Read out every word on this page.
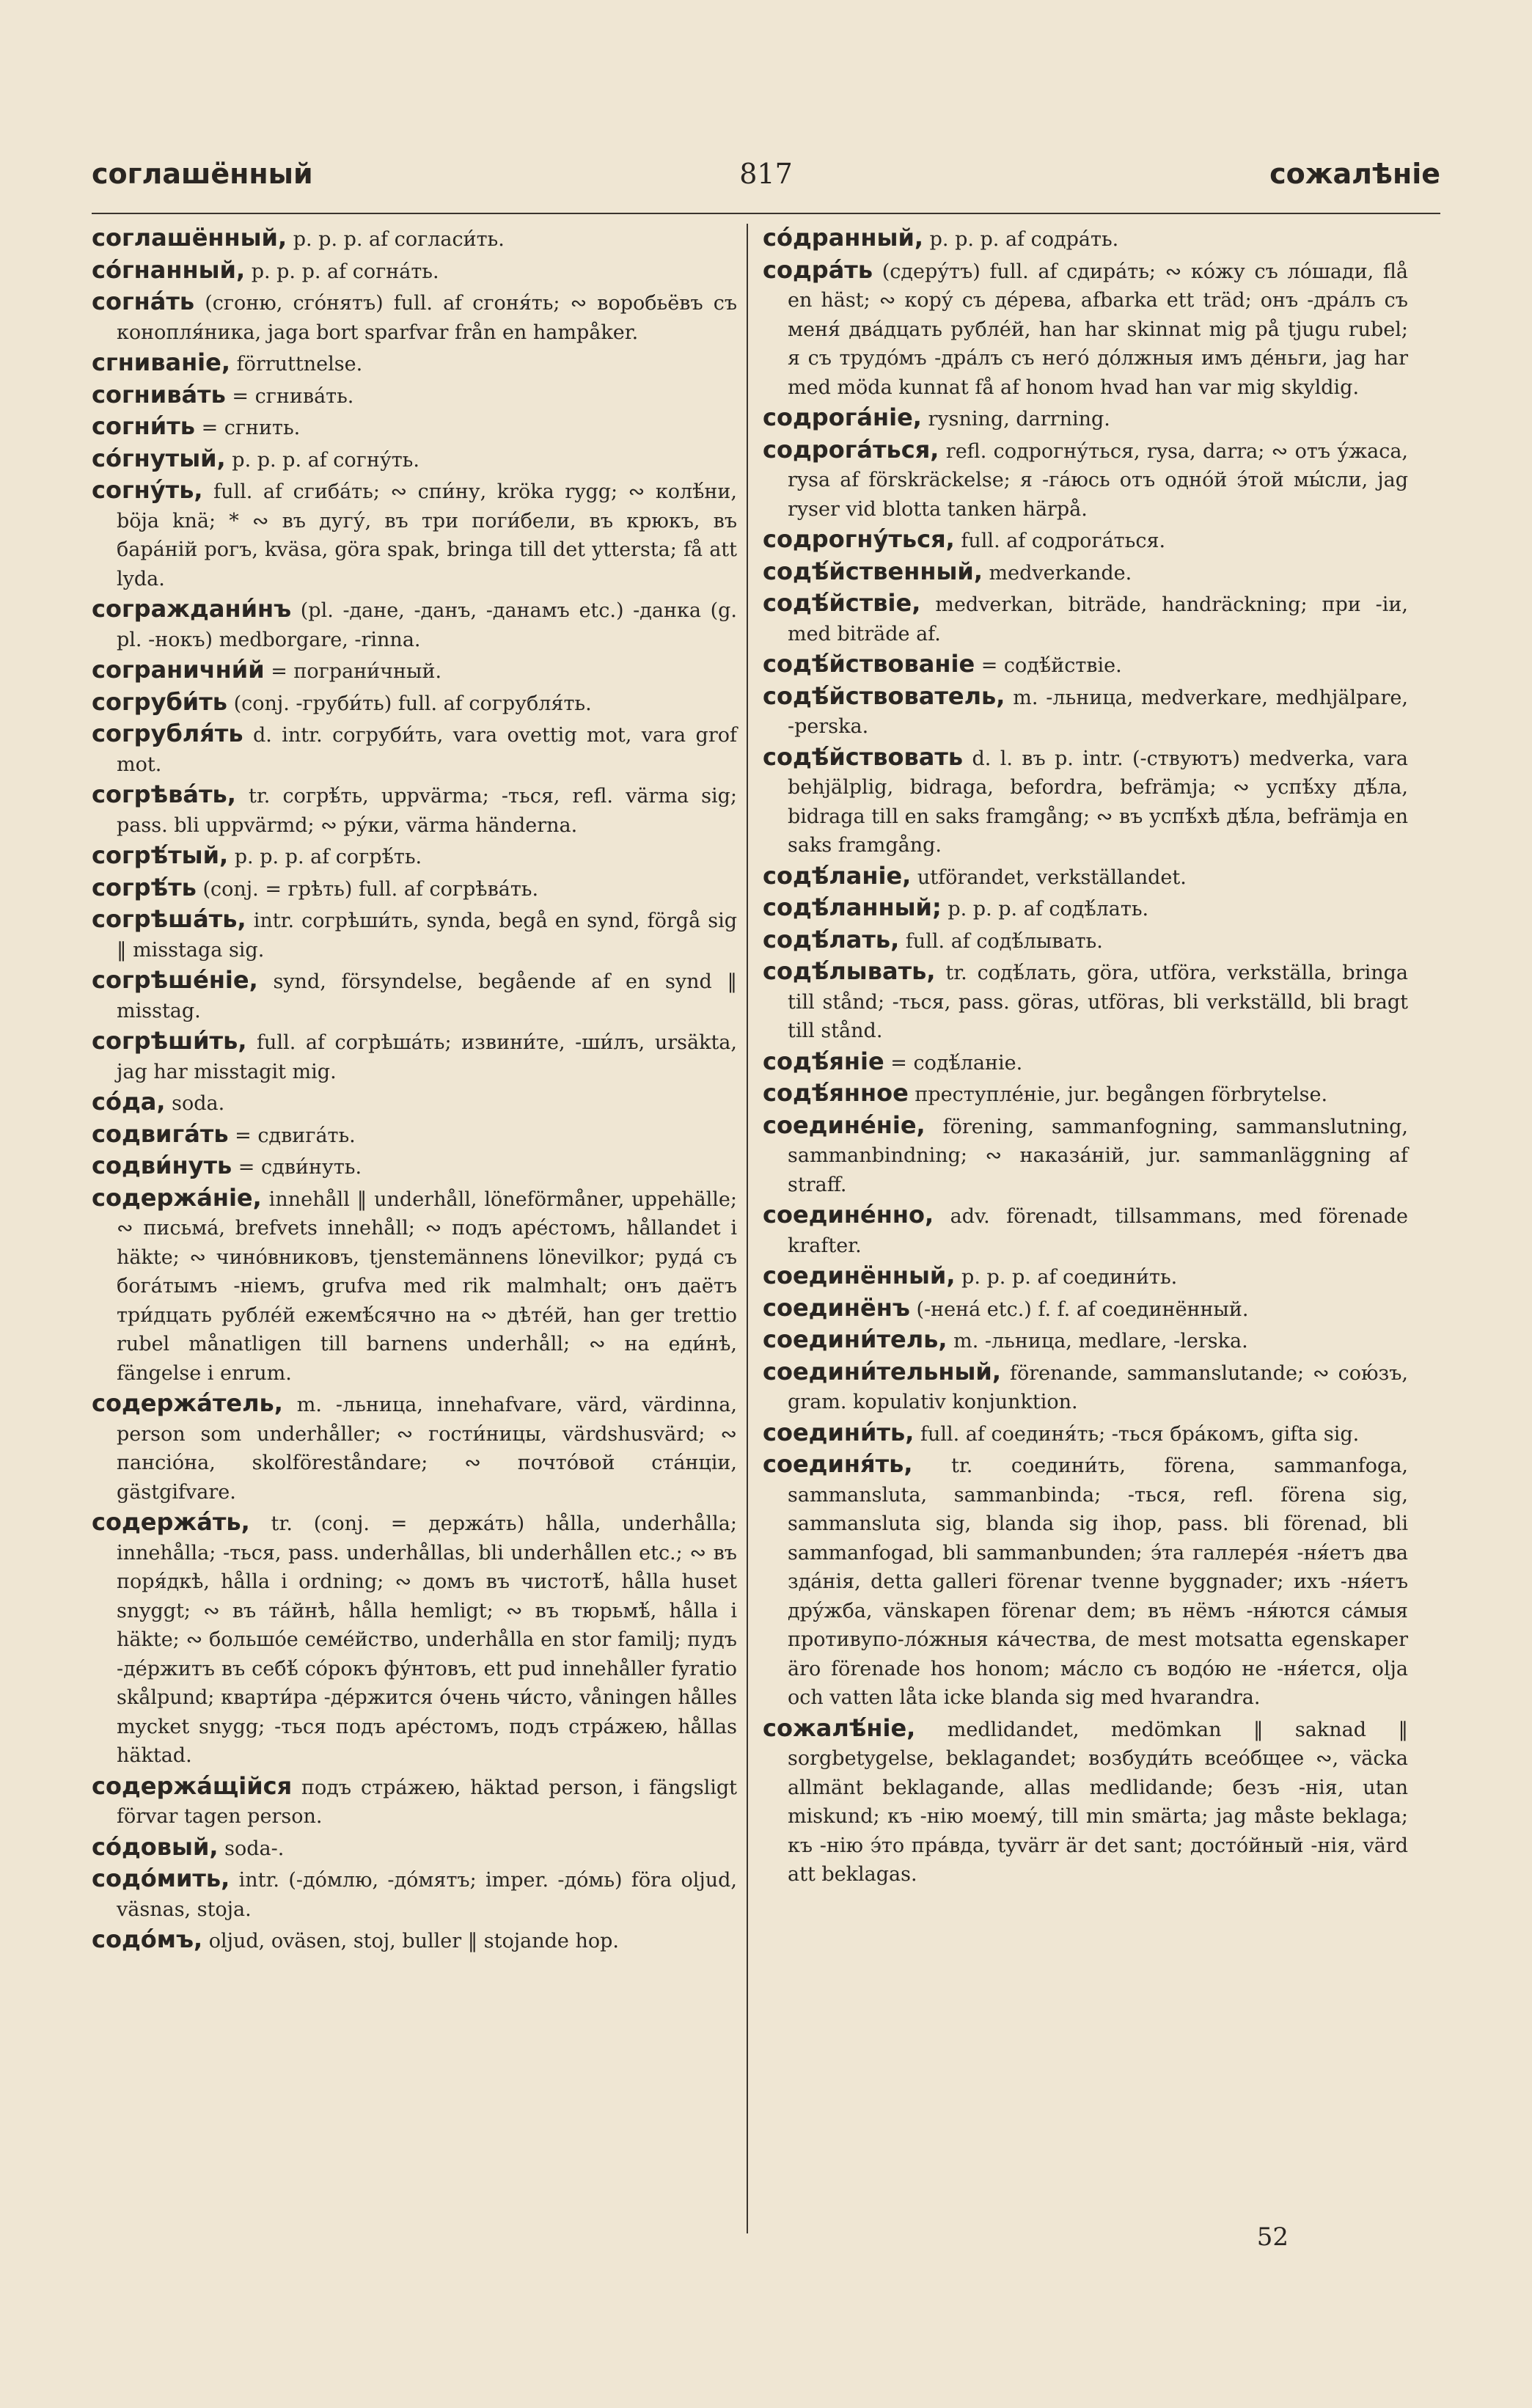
соглашённый	817	сожалѣніе

соглашённый, p. p. p. af согласи́ть.

со́гнанный, p. p. p. af согна́ть.

согна́ть (сгоню, сго́нятъ) full. af сгоня́ть; ∾ воробьёвъ съ конопля́ника, jaga bort sparfvar från en hampåker.

сгниваніе, förruttnelse.

согнива́ть = сгнива́ть.

согни́ть = сгнить.

со́гнутый, p. p. p. af согну́ть.

согну́ть, full. af сгиба́ть; ∾ спи́ну, kröka rygg; ∾ колѣ́ни, böja knä; * ∾ въ дугу́, въ три поги́бели, въ крюкъ, въ бара́ній рогъ, kväsa, göra spak, bringa till det yttersta; få att lyda.

сограждани́нъ (pl. -дане, -данъ, -данамъ etc.) -данка (g. pl. -нокъ) medborgare, -rinna.

согранични́й = пограни́чный.

согруби́ть (conj. -груби́ть) full. af согрубля́ть.

согрубля́ть d. intr. согруби́ть, vara ovettig mot, vara grof mot.

согрѣва́ть, tr. согрѣ́ть, uppvärma; -ться, refl. värma sig; pass. bli uppvärmd; ∾ ру́ки, värma händerna.

согрѣ́тый, p. p. p. af согрѣ́ть.

согрѣ́ть (conj. = грѣть) full. af согрѣва́ть.

согрѣша́ть, intr. согрѣши́ть, synda, begå en synd, förgå sig ‖ misstaga sig.

согрѣше́ніе, synd, försyndelse, begående af en synd ‖ misstag.

согрѣши́ть, full. af согрѣша́ть; извини́те, -ши́лъ, ursäkta, jag har misstagit mig.

со́да, soda.

содвига́ть = сдвига́ть.

содви́нуть = сдви́нуть.

содержа́ніе, innehåll ‖ underhåll, löneförmåner, uppehälle; ∾ письма́, brefvets innehåll; ∾ подъ аре́стомъ, hållandet i häkte; ∾ чино́вниковъ, tjenstemännens lönevilkor; руда́ съ бога́тымъ -ніемъ, grufva med rik malmhalt; онъ даётъ три́дцать рубле́й ежемѣ́сячно на ∾ дѣте́й, han ger trettio rubel månatligen till barnens underhåll; ∾ на еди́нѣ, fängelse i enrum.

содержа́тель, m. -льница, innehafvare, värd, värdinna, person som underhåller; ∾ гости́ницы, värdshusvärd; ∾ пансіо́на, skolföreståndare; ∾ почто́вой ста́нціи, gästgifvare.

содержа́ть, tr. (conj. = держа́ть) hålla, underhålla; innehålla; -ться, pass. underhållas, bli underhållen etc.; ∾ въ поря́дкѣ, hålla i ordning; ∾ домъ въ чистотѣ́, hålla huset snyggt; ∾ въ та́йнѣ, hålla hemligt; ∾ въ тюрьмѣ́, hålla i häkte; ∾ большо́е семе́йство, underhålla en stor familj; пудъ -де́ржитъ въ себѣ́ со́рокъ фу́нтовъ, ett pud innehåller fyratio skålpund; кварти́ра -де́ржится о́чень чи́сто, våningen hålles mycket snygg; -ться подъ аре́стомъ, подъ стра́жею, hållas häktad.

содержа́щійся подъ стра́жею, häktad person, i fängsligt förvar tagen person.

со́довый, soda-.

содо́мить, intr. (-до́млю, -до́мятъ; imper. -до́мь) föra oljud, väsnas, stoja.

содо́мъ, oljud, oväsen, stoj, buller ‖ stojande hop.

со́дранный, p. p. p. af содра́ть.

содра́ть (сдеру́тъ) full. af сдира́ть; ∾ ко́жу съ ло́шади, flå en häst; ∾ кору́ съ де́рева, afbarka ett träd; онъ -дра́лъ съ меня́ два́дцать рубле́й, han har skinnat mig på tjugu rubel; я съ трудо́мъ -дра́лъ съ него́ до́лжныя имъ де́ньги, jag har med möda kunnat få af honom hvad han var mig skyldig.

содрога́ніе, rysning, darrning.

содрога́ться, refl. содрогну́ться, rysa, darra; ∾ отъ у́жаса, rysa af förskräckelse; я -га́юсь отъ одно́й э́той мы́сли, jag ryser vid blotta tanken härpå.

содрогну́ться, full. af содрога́ться.

содѣ́йственный, medverkande.

содѣ́йствіе, medverkan, biträde, handräckning; при -іи, med biträde af.

содѣ́йствованіе = содѣ́йствіе.

содѣ́йствователь, m. -льница, medverkare, medhjälpare, -perska.

содѣ́йствовать d. l. въ р. intr. (-ствуютъ) medverka, vara behjälplig, bidraga, befordra, befrämja; ∾ успѣ́ху дѣ́ла, bidraga till en saks framgång; ∾ въ успѣ́хѣ дѣ́ла, befrämja en saks framgång.

содѣ́ланіе, utförandet, verkställandet.

содѣ́ланный; p. p. p. af содѣ́лать.

содѣ́лать, full. af содѣ́лывать.

содѣ́лывать, tr. содѣ́лать, göra, utföra, verkställa, bringa till stånd; -ться, pass. göras, utföras, bli verkställd, bli bragt till stånd.

содѣ́яніе = содѣ́ланіе.

содѣ́янное преступле́ніе, jur. begången förbrytelse.

соедине́ніе, förening, sammanfogning, sammanslutning, sammanbindning; ∾ наказа́ній, jur. sammanläggning af straff.

соедине́нно, adv. förenadt, tillsammans, med förenade krafter.

соединённый, p. p. p. af соедини́ть.

соединёнъ (-нена́ etc.) f. f. af соединённый.

соедини́тель, m. -льница, medlare, -lerska.

соедини́тельный, förenande, sammanslutande; ∾ сою́зъ, gram. kopulativ konjunktion.

соедини́ть, full. af соединя́ть; -ться бра́комъ, gifta sig.

соединя́ть, tr. соедини́ть, förena, sammanfoga, sammansluta, sammanbinda; -ться, refl. förena sig, sammansluta sig, blanda sig ihop, pass. bli förenad, bli sammanfogad, bli sammanbunden; э́та галлере́я -ня́етъ два зда́нія, detta galleri förenar tvenne byggnader; ихъ -ня́етъ дру́жба, vänskapen förenar dem; въ нёмъ -ня́ются са́мыя противупо-ло́жныя ка́чества, de mest motsatta egenskaper äro förenade hos honom; ма́сло съ водо́ю не -ня́ется, olja och vatten låta icke blanda sig med hvarandra.

сожалѣ́ніе, medlidandet, medömkan ‖ saknad ‖ sorgbetygelse, beklagandet; возбуди́ть всео́бщее ∾, väcka allmänt beklagande, allas medlidande; безъ -нія, utan miskund; къ -нію моему́, till min smärta; jag måste beklaga; къ -нію э́то пра́вда, tyvärr är det sant; досто́йный -нія, värd att beklagas.

52
